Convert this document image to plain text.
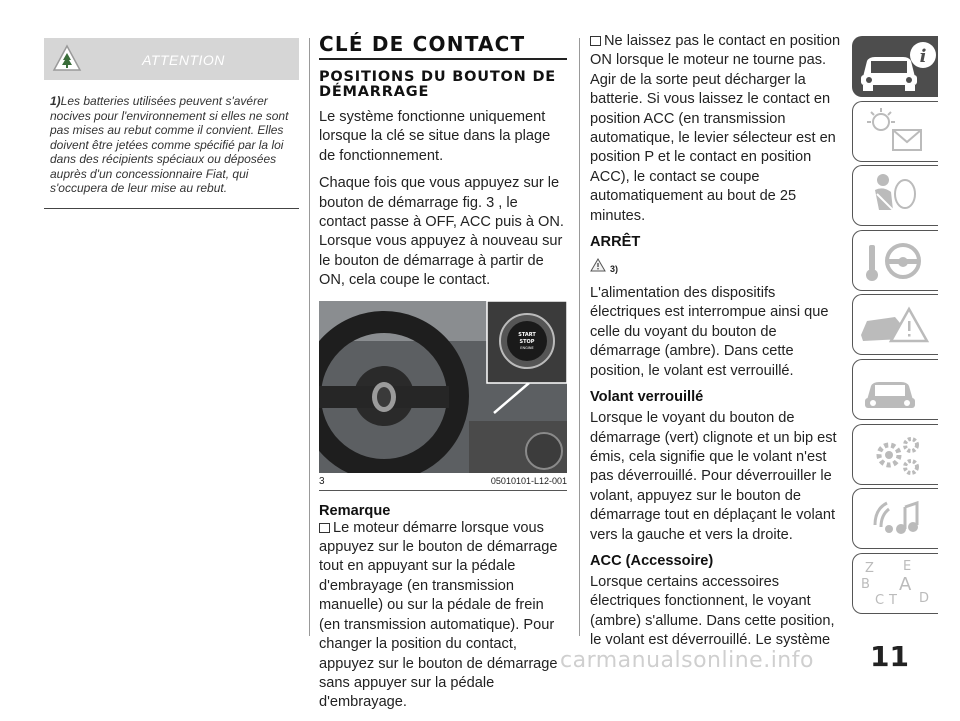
ATTENTION
1)Les batteries utilisées peuvent s'avérer nocives pour l'environnement si elles ne sont pas mises au rebut comme il convient. Elles doivent être jetées comme spécifié par la loi dans des récipients spéciaux ou déposées auprès d'un concessionnaire Fiat, qui s'occupera de leur mise au rebut.
CLÉ DE CONTACT
POSITIONS DU BOUTON DE DÉMARRAGE

Le système fonctionne uniquement lorsque la clé se situe dans la plage de fonctionnement.

Chaque fois que vous appuyez sur le bouton de démarrage fig. 3 , le contact passe à OFF, ACC puis à ON. Lorsque vous appuyez à nouveau sur le bouton de démarrage à partir de ON, cela coupe le contact.

START
STOP
ENGINE
3	05010101-L12-001
Remarque

Le moteur démarre lorsque vous appuyez sur le bouton de démarrage tout en appuyant sur la pédale d'embrayage (en transmission manuelle) ou sur la pédale de frein (en transmission automatique). Pour changer la position du contact, appuyez sur le bouton de démarrage sans appuyer sur la pédale d'embrayage.

Ne laissez pas le contact en position ON lorsque le moteur ne tourne pas. Agir de la sorte peut décharger la batterie. Si vous laissez le contact en position ACC (en transmission automatique, le levier sélecteur est en position P et le contact en position ACC), le contact se coupe automatiquement au bout de 25 minutes.

ARRÊT
3)

L'alimentation des dispositifs électriques est interrompue ainsi que celle du voyant du bouton de démarrage (ambre). Dans cette position, le volant est verrouillé.

Volant verrouillé

Lorsque le voyant du bouton de démarrage (vert) clignote et un bip est émis, cela signifie que le volant n'est pas déverrouillé. Pour déverrouiller le volant, appuyez sur le bouton de démarrage tout en déplaçant le volant vers la gauche et vers la droite.

ACC (Accessoire)

Lorsque certains accessoires électriques fonctionnent, le voyant (ambre) s'allume. Dans cette position, le volant est déverrouillé. Le système

i
Z E
B A
C T D
carmanualsonline.info 11
